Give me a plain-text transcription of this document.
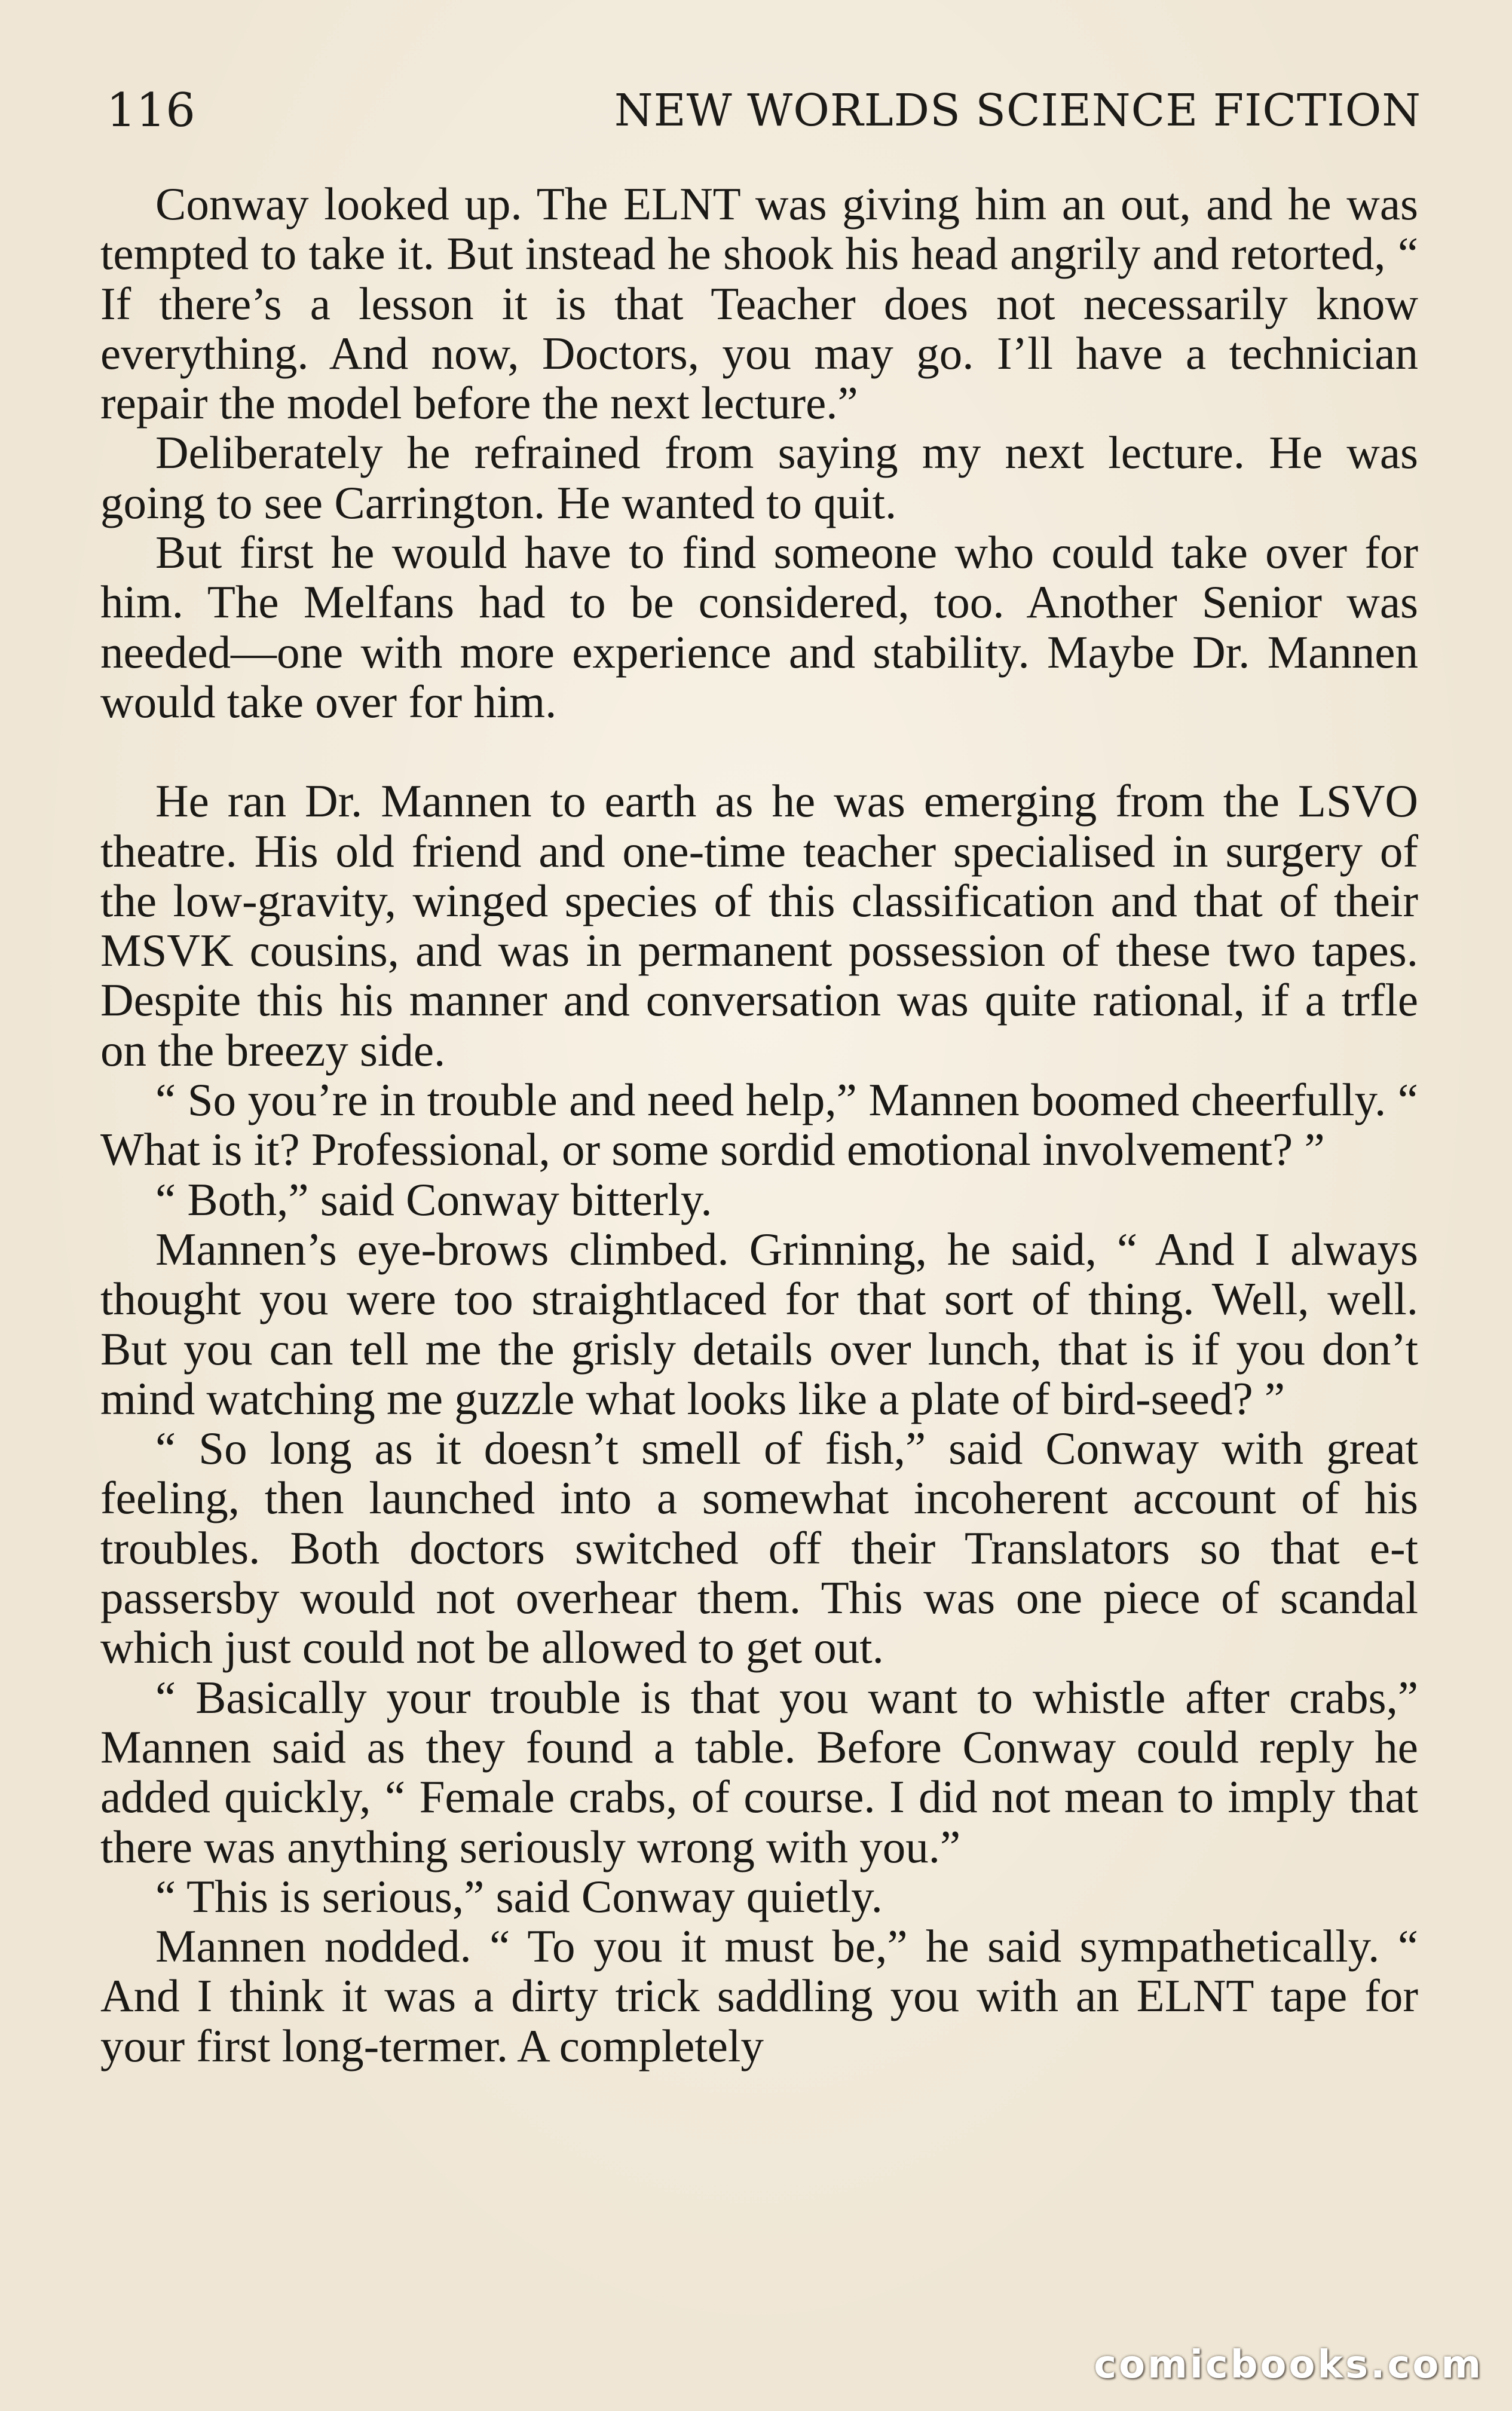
116	NEW WORLDS SCIENCE FICTION

Conway looked up. The ELNT was giving him an out, and he was tempted to take it. But instead he shook his head angrily and retorted, “ If there’s a lesson it is that Teacher does not necessarily know everything. And now, Doctors, you may go. I’ll have a technician repair the model before the next lecture.”

Deliberately he refrained from saying my next lecture. He was going to see Carrington. He wanted to quit.

But first he would have to find someone who could take over for him. The Melfans had to be considered, too. Another Senior was needed—one with more experience and stability. Maybe Dr. Mannen would take over for him.

He ran Dr. Mannen to earth as he was emerging from the LSVO theatre. His old friend and one-time teacher specialised in surgery of the low-gravity, winged species of this classification and that of their MSVK cousins, and was in permanent possession of these two tapes. Despite this his manner and conversation was quite rational, if a trfle on the breezy side.

“ So you’re in trouble and need help,” Mannen boomed cheerfully. “ What is it? Professional, or some sordid emotional involvement? ”

“ Both,” said Conway bitterly.

Mannen’s eye-brows climbed. Grinning, he said, “ And I always thought you were too straightlaced for that sort of thing. Well, well. But you can tell me the grisly details over lunch, that is if you don’t mind watching me guzzle what looks like a plate of bird-seed? ”

“ So long as it doesn’t smell of fish,” said Conway with great feeling, then launched into a somewhat incoherent account of his troubles. Both doctors switched off their Translators so that e-t passersby would not overhear them. This was one piece of scandal which just could not be allowed to get out.

“ Basically your trouble is that you want to whistle after crabs,” Mannen said as they found a table. Before Conway could reply he added quickly, “ Female crabs, of course. I did not mean to imply that there was anything seriously wrong with you.”

“ This is serious,” said Conway quietly.

Mannen nodded. “ To you it must be,” he said sympathetically. “ And I think it was a dirty trick saddling you with an ELNT tape for your first long-termer. A completely

comicbooks.com
